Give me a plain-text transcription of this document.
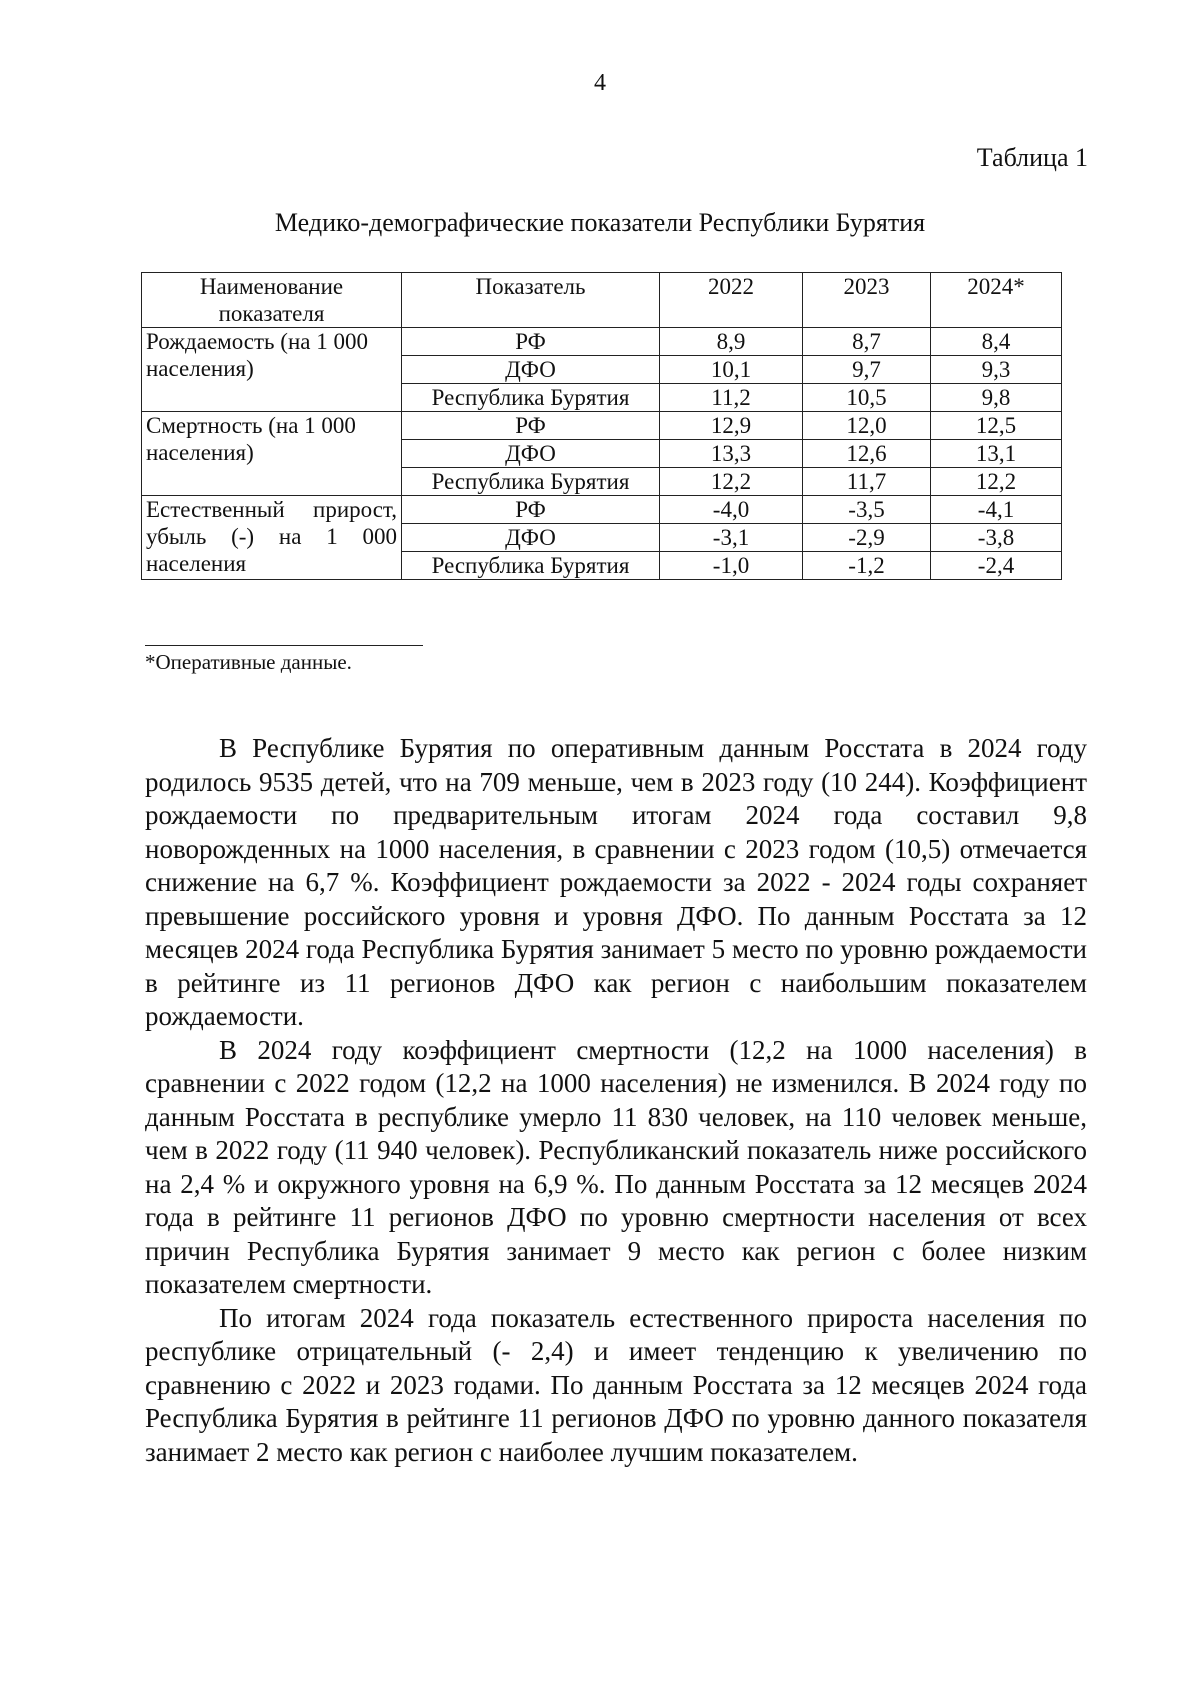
4
Таблица 1
Медико-демографические показатели Республики Бурятия
Наименование показателя	Показатель	2022	2023	2024*
Рождаемость (на 1 000 населения)	РФ	8,9	8,7	8,4
	ДФО	10,1	9,7	9,3
	Республика Бурятия	11,2	10,5	9,8
Смертность (на 1 000 населения)	РФ	12,9	12,0	12,5
	ДФО	13,3	12,6	13,1
	Республика Бурятия	12,2	11,7	12,2
Естественный прирост, убыль (-) на 1 000 населения	РФ	-4,0	-3,5	-4,1
	ДФО	-3,1	-2,9	-3,8
	Республика Бурятия	-1,0	-1,2	-2,4
*Оперативные данные.

В Республике Бурятия по оперативным данным Росстата в 2024 году родилось 9535 детей, что на 709 меньше, чем в 2023 году (10 244). Коэффициент рождаемости по предварительным итогам 2024 года составил 9,8 новорожденных на 1000 населения, в сравнении с 2023 годом (10,5) отмечается снижение на 6,7 %. Коэффициент рождаемости за 2022 - 2024 годы сохраняет превышение российского уровня и уровня ДФО. По данным Росстата за 12 месяцев 2024 года Республика Бурятия занимает 5 место по уровню рождаемости в рейтинге из 11 регионов ДФО как регион с наибольшим показателем рождаемости.

В 2024 году коэффициент смертности (12,2 на 1000 населения) в сравнении с 2022 годом (12,2 на 1000 населения) не изменился. В 2024 году по данным Росстата в республике умерло 11 830 человек, на 110 человек меньше, чем в 2022 году (11 940 человек). Республиканский показатель ниже российского на 2,4 % и окружного уровня на 6,9 %. По данным Росстата за 12 месяцев 2024 года в рейтинге 11 регионов ДФО по уровню смертности населения от всех причин Республика Бурятия занимает 9 место как регион с более низким показателем смертности.

По итогам 2024 года показатель естественного прироста населения по республике отрицательный (- 2,4) и имеет тенденцию к увеличению по сравнению с 2022 и 2023 годами. По данным Росстата за 12 месяцев 2024 года Республика Бурятия в рейтинге 11 регионов ДФО по уровню данного показателя занимает 2 место как регион с наиболее лучшим показателем.
